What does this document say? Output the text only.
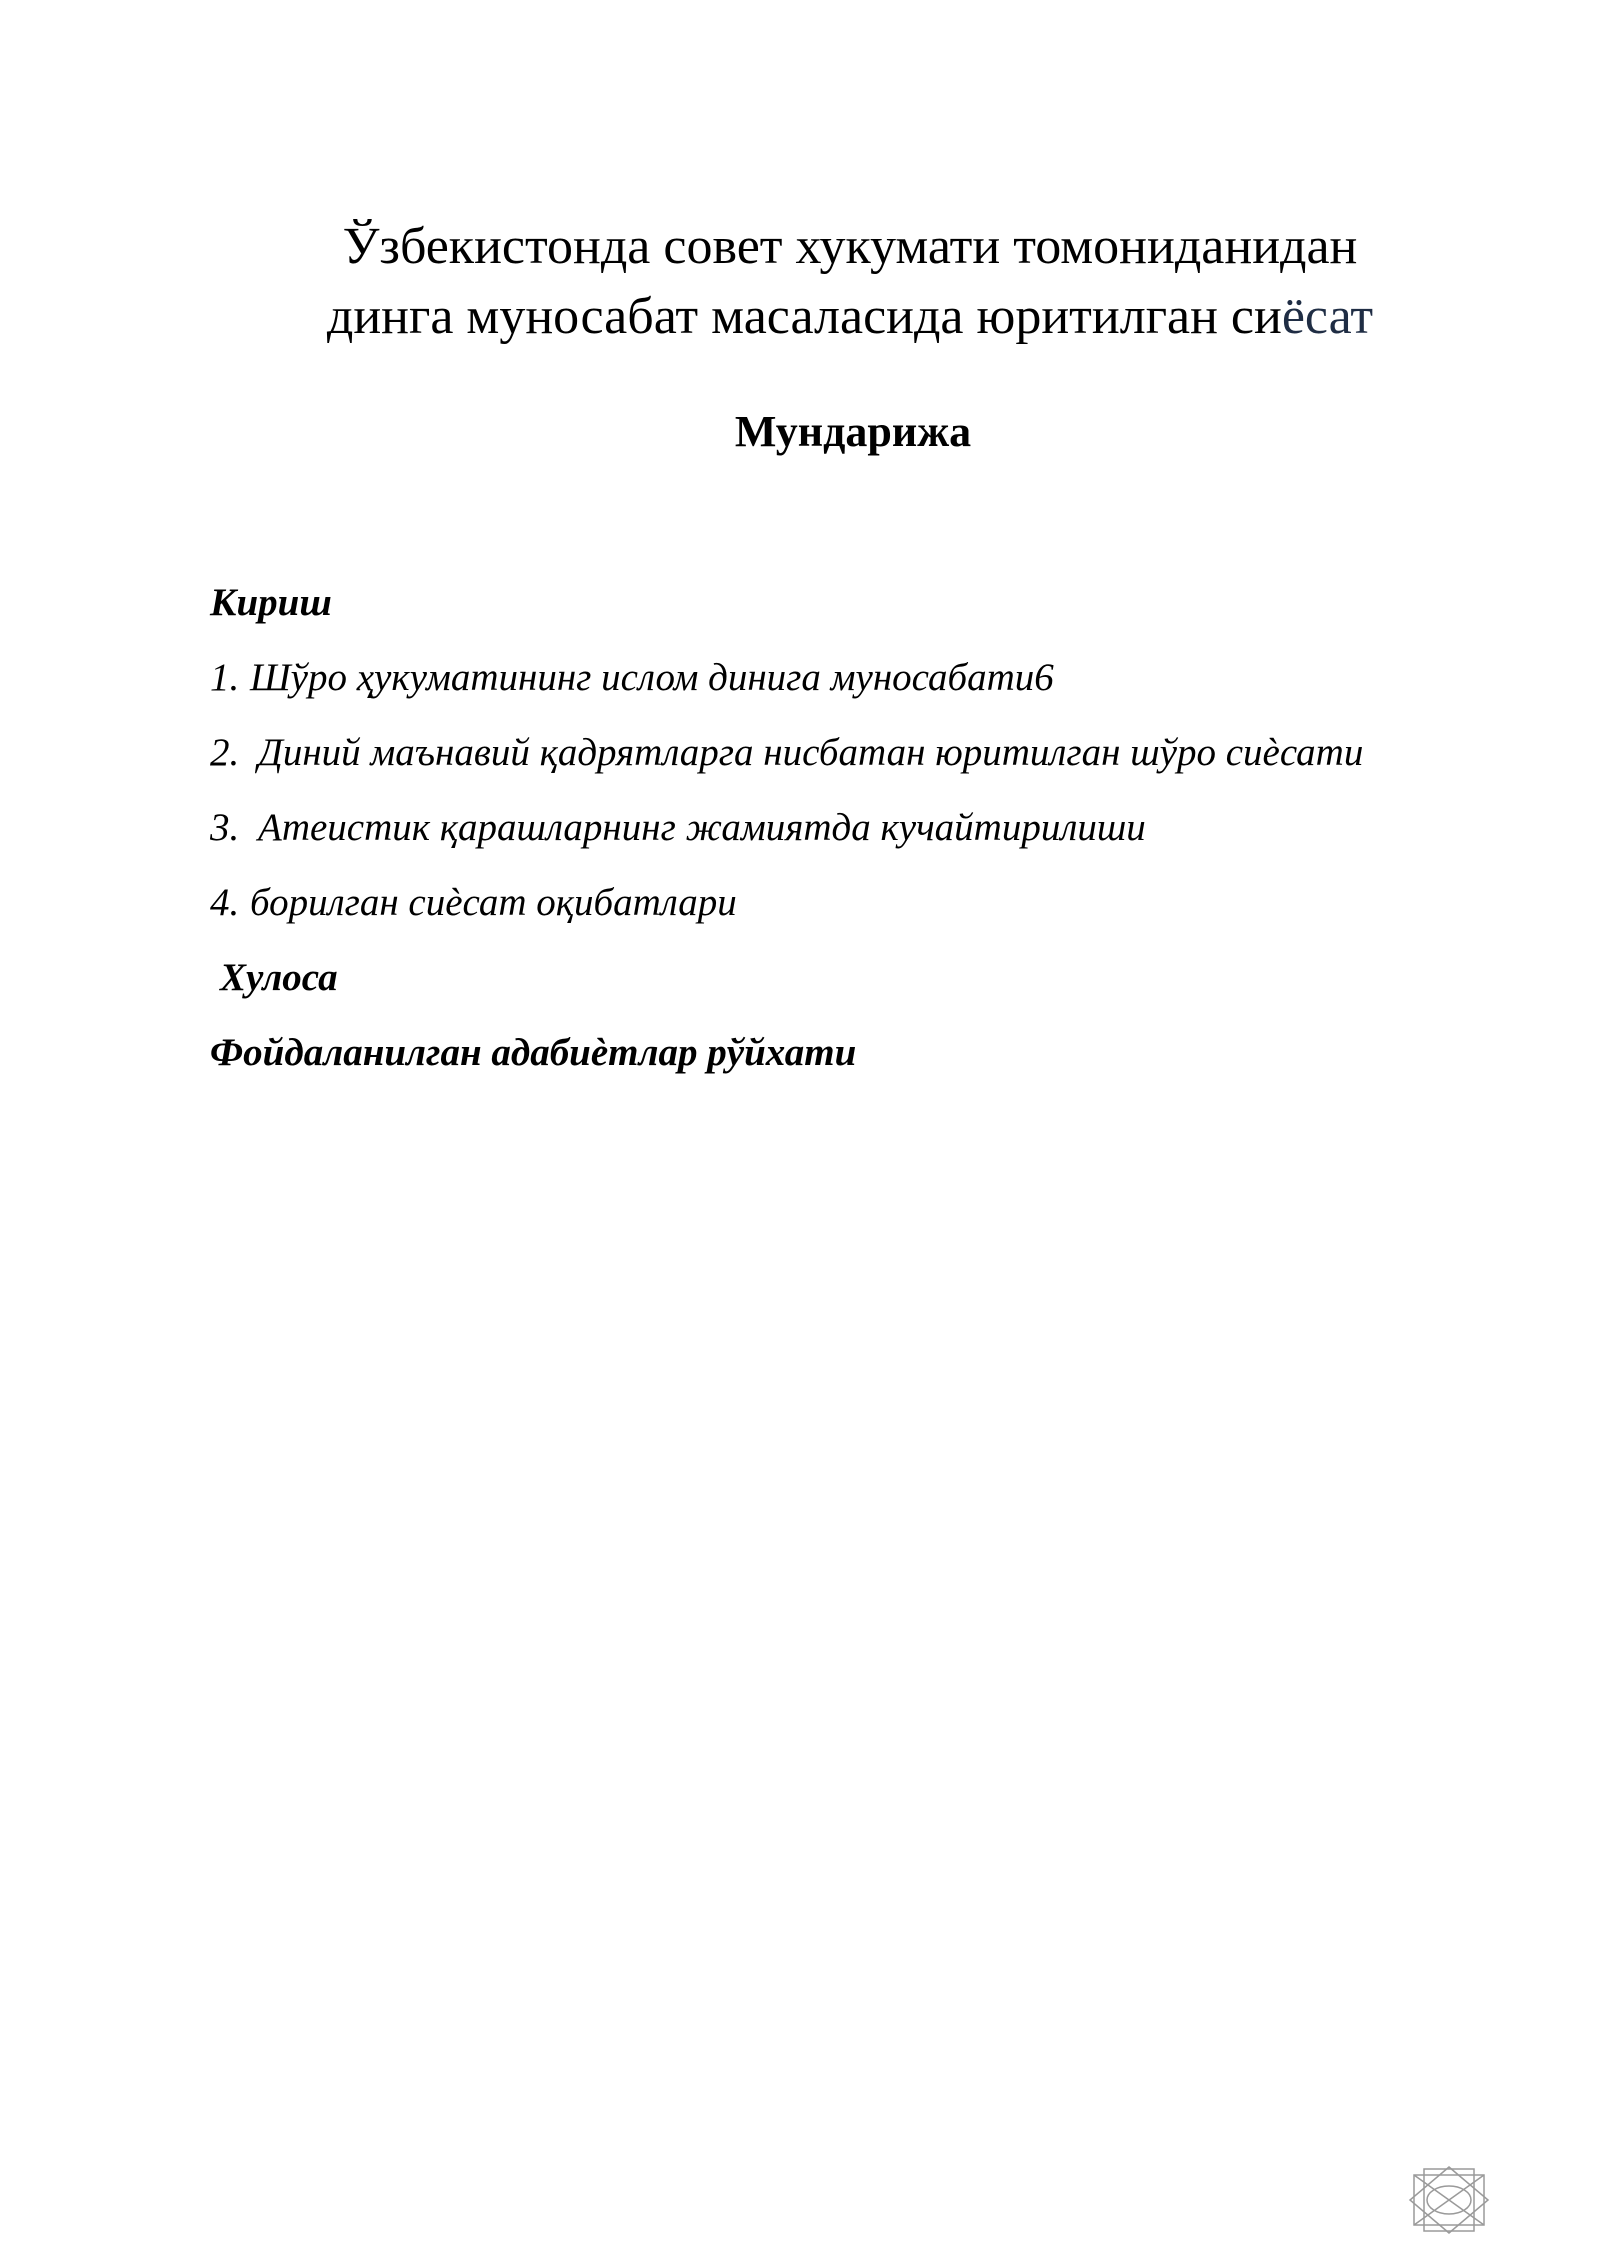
Ўзбекистонда совет хукумати томониданидан
динга муносабат масаласида юритилган сиёсат
Мундарижа
Кириш
1. Шўро ҳукуматининг ислом динига муносабати6
2. Диний маънавий қадрятларга нисбатан юритилган шўро сиѐсати
3. Атеистик қарашларнинг жамиятда кучайтирилиши
4. борилган сиѐсат оқибатлари
Хулоса
Фойдаланилган адабиѐтлар рўйхати
